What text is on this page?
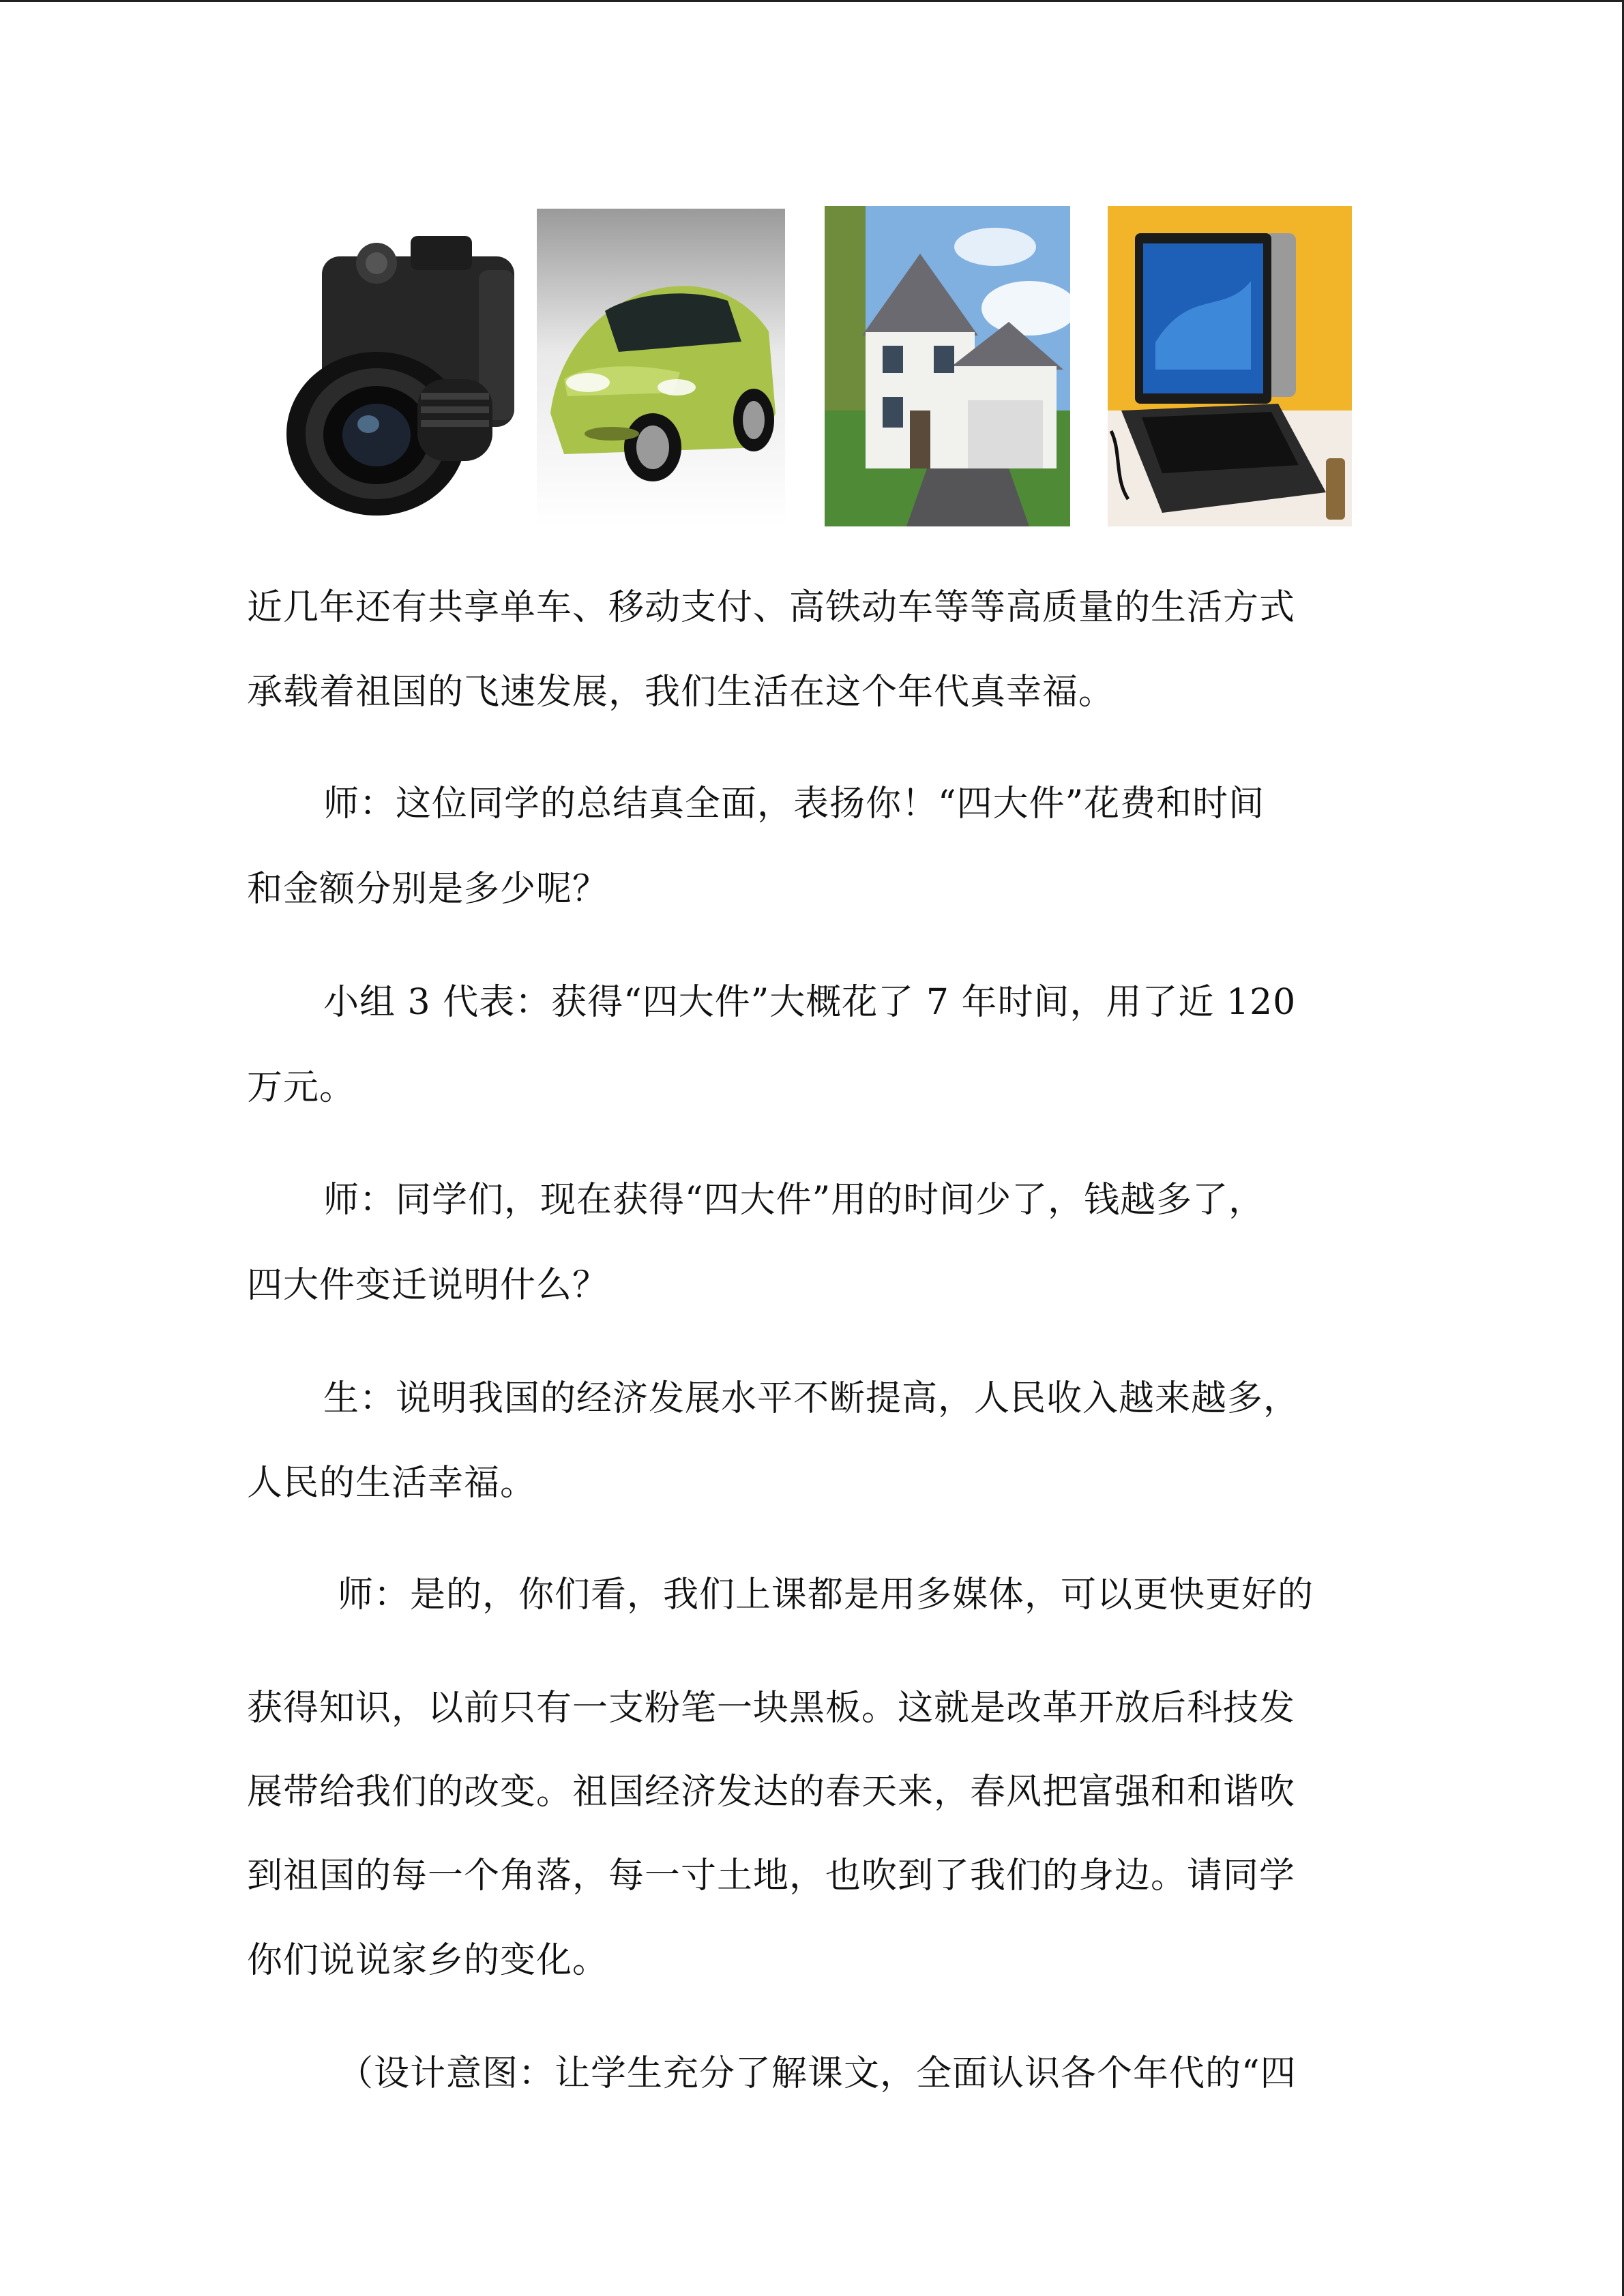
近几年还有共享单车、移动支付、高铁动车等等高质量的生活方式

承载着祖国的飞速发展，我们生活在这个年代真幸福。

师：这位同学的总结真全面，表扬你！“四大件”花费和时间

和金额分别是多少呢？

小组 3 代表：获得“四大件”大概花了 7 年时间，用了近 120

万元。

师：同学们，现在获得“四大件”用的时间少了，钱越多了，

四大件变迁说明什么？

生：说明我国的经济发展水平不断提高，人民收入越来越多，

人民的生活幸福。

师：是的，你们看，我们上课都是用多媒体，可以更快更好的

获得知识，以前只有一支粉笔一块黑板。这就是改革开放后科技发

展带给我们的改变。祖国经济发达的春天来，春风把富强和和谐吹

到祖国的每一个角落，每一寸土地，也吹到了我们的身边。请同学

你们说说家乡的变化。

（设计意图：让学生充分了解课文，全面认识各个年代的“四
